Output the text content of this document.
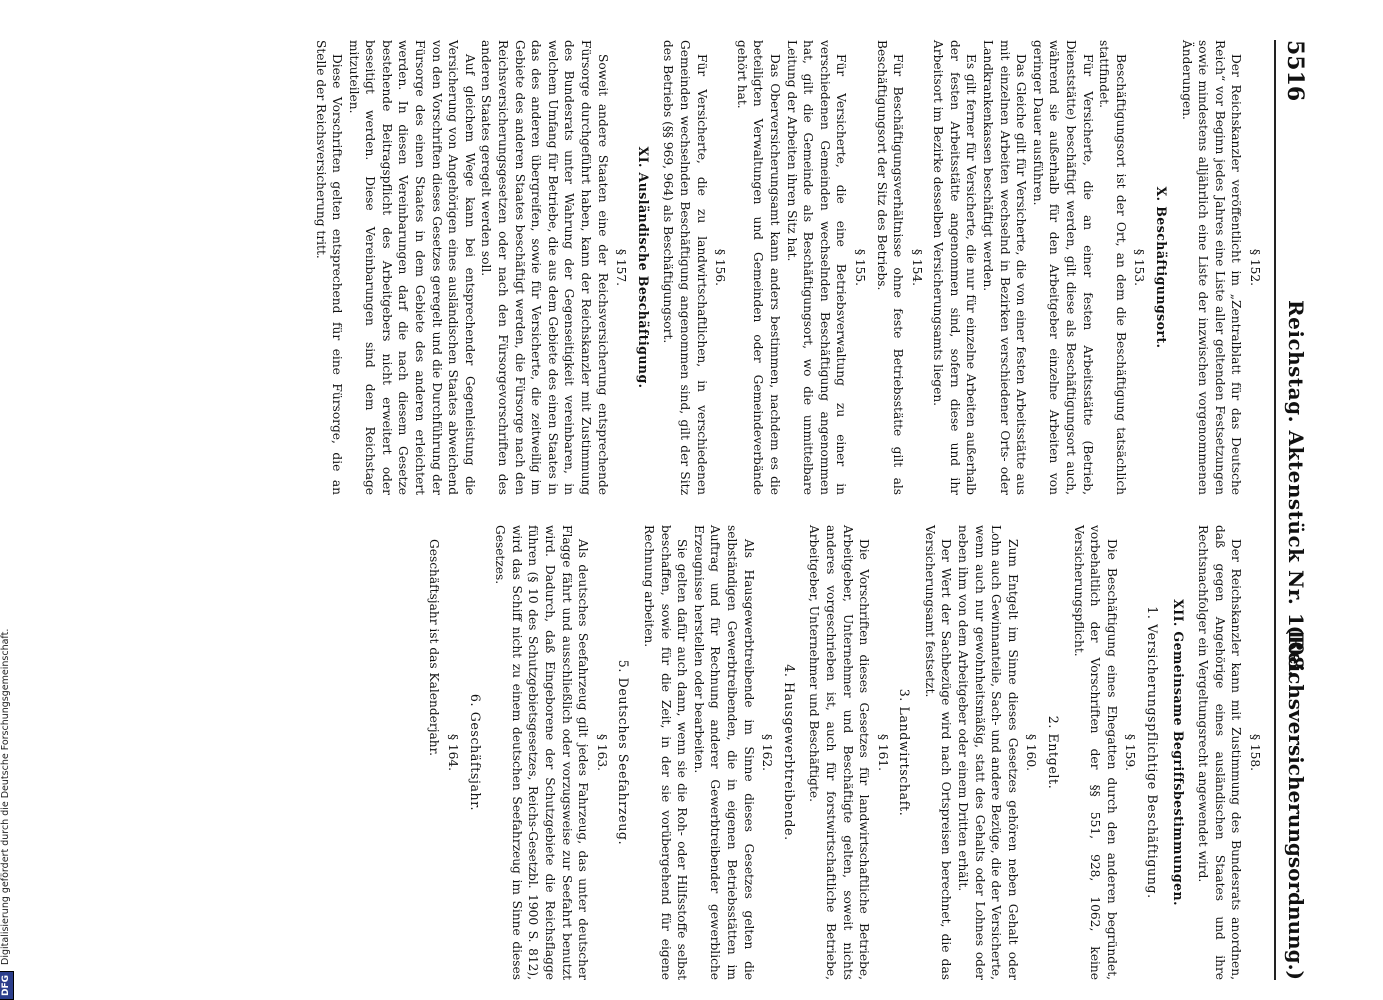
5516
Reichstag. Aktenstück Nr. 1108.
(Reichsversicherungsordnung.)
§ 152.

Der Reichskanzler veröffentlicht im „Zentralblatt für das Deutsche Reich“ vor Beginn jedes Jahres eine Liste aller geltenden Festsetzungen sowie mindestens alljährlich eine Liste der inzwischen vorgenommenen Änderungen.

X. Beschäftigungsort.
§ 153.

Beschäftigungsort ist der Ort, an dem die Beschäftigung tatsächlich stattfindet.

Für Versicherte, die an einer festen Arbeitsstätte (Betrieb, Dienststätte) beschäftigt werden, gilt diese als Beschäftigungsort auch, während sie außerhalb für den Arbeitgeber einzelne Arbeiten von geringer Dauer ausführen.

Das Gleiche gilt für Versicherte, die von einer festen Arbeitsstätte aus mit einzelnen Arbeiten wechselnd in Bezirken verschiedener Orts- oder Landkrankenkassen beschäftigt werden.

Es gilt ferner für Versicherte, die nur für einzelne Arbeiten außerhalb der festen Arbeitsstätte angenommen sind, sofern diese und ihr Arbeitsort im Bezirke desselben Versicherungsamts liegen.

§ 154.

Für Beschäftigungsverhältnisse ohne feste Betriebsstätte gilt als Beschäftigungsort der Sitz des Betriebs.

§ 155.

Für Versicherte, die eine Betriebsverwaltung zu einer in verschiedenen Gemeinden wechselnden Beschäftigung angenommen hat, gilt die Gemeinde als Beschäftigungsort, wo die unmittelbare Leitung der Arbeiten ihren Sitz hat.

Das Oberversicherungsamt kann anders bestimmen, nachdem es die beteiligten Verwaltungen und Gemeinden oder Gemeindeverbände gehört hat.

§ 156.

Für Versicherte, die zu landwirtschaftlichen, in verschiedenen Gemeinden wechselnden Beschäftigung angenommen sind, gilt der Sitz des Betriebs (§§ 969, 964) als Beschäftigungsort.

XI. Ausländische Beschäftigung.
§ 157.

Soweit andere Staaten eine der Reichsversicherung entsprechende Fürsorge durchgeführt haben, kann der Reichskanzler mit Zustimmung des Bundesrats unter Wahrung der Gegenseitigkeit vereinbaren, in welchem Umfang für Betriebe, die aus dem Gebiete des einen Staates in das des anderen übergreifen, sowie für Versicherte, die zeitweilig im Gebiete des anderen Staates beschäftigt werden, die Fürsorge nach den Reichsversicherungsgesetzen oder nach den Fürsorgevorschriften des anderen Staates geregelt werden soll.

Auf gleichem Wege kann bei entsprechender Gegenleistung die Versicherung von Angehörigen eines ausländischen Staates abweichend von den Vorschriften dieses Gesetzes geregelt und die Durchführung der Fürsorge des einen Staates in dem Gebiete des anderen erleichtert werden. In diesen Vereinbarungen darf die nach diesem Gesetze bestehende Beitragspflicht des Arbeitgebers nicht erweitert oder beseitigt werden. Diese Vereinbarungen sind dem Reichstage mitzuteilen.

Diese Vorschriften gelten entsprechend für eine Fürsorge, die an Stelle der Reichsversicherung tritt.

§ 158.

Der Reichskanzler kann mit Zustimmung des Bundesrats anordnen, daß gegen Angehörige eines ausländischen Staates und ihre Rechtsnachfolger ein Vergeltungsrecht angewendet wird.

XII. Gemeinsame Begriffsbestimmungen.
1. Versicherungspflichtige Beschäftigung.
§ 159.

Die Beschäftigung eines Ehegatten durch den anderen begründet, vorbehaltlich der Vorschriften der §§ 551, 928, 1062, keine Versicherungspflicht.

2. Entgelt.
§ 160.

Zum Entgelt im Sinne dieses Gesetzes gehören neben Gehalt oder Lohn auch Gewinnanteile, Sach- und andere Bezüge, die der Versicherte, wenn auch nur gewohnheitsmäßig, statt des Gehalts oder Lohnes oder neben ihm von dem Arbeitgeber oder einem Dritten erhält.

Der Wert der Sachbezüge wird nach Ortspreisen berechnet, die das Versicherungsamt festsetzt.

3. Landwirtschaft.
§ 161.

Die Vorschriften dieses Gesetzes für landwirtschaftliche Betriebe, Arbeitgeber, Unternehmer und Beschäftigte gelten, soweit nichts anderes vorgeschrieben ist, auch für forstwirtschaftliche Betriebe, Arbeitgeber, Unternehmer und Beschäftigte.

4. Hausgewerbtreibende.
§ 162.

Als Hausgewerbtreibende im Sinne dieses Gesetzes gelten die selbständigen Gewerbtreibenden, die in eigenen Betriebsstätten im Auftrag und für Rechnung anderer Gewerbtreibender gewerbliche Erzeugnisse herstellen oder bearbeiten.

Sie gelten dafür auch dann, wenn sie die Roh- oder Hilfsstoffe selbst beschaffen, sowie für die Zeit, in der sie vorübergehend für eigene Rechnung arbeiten.

5. Deutsches Seefahrzeug.
§ 163.

Als deutsches Seefahrzeug gilt jedes Fahrzeug, das unter deutscher Flagge fährt und ausschließlich oder vorzugsweise zur Seefahrt benutzt wird. Dadurch, daß Eingeborene der Schutzgebiete die Reichsflagge führen (§ 10 des Schutzgebietsgesetzes, Reichs-Gesetzbl. 1900 S. 812), wird das Schiff nicht zu einem deutschen Seefahrzeug im Sinne dieses Gesetzes.

6. Geschäftsjahr.
§ 164.

Geschäftsjahr ist das Kalenderjahr.

DFGDigitalisierung gefördert durch die Deutsche Forschungsgemeinschaft.
